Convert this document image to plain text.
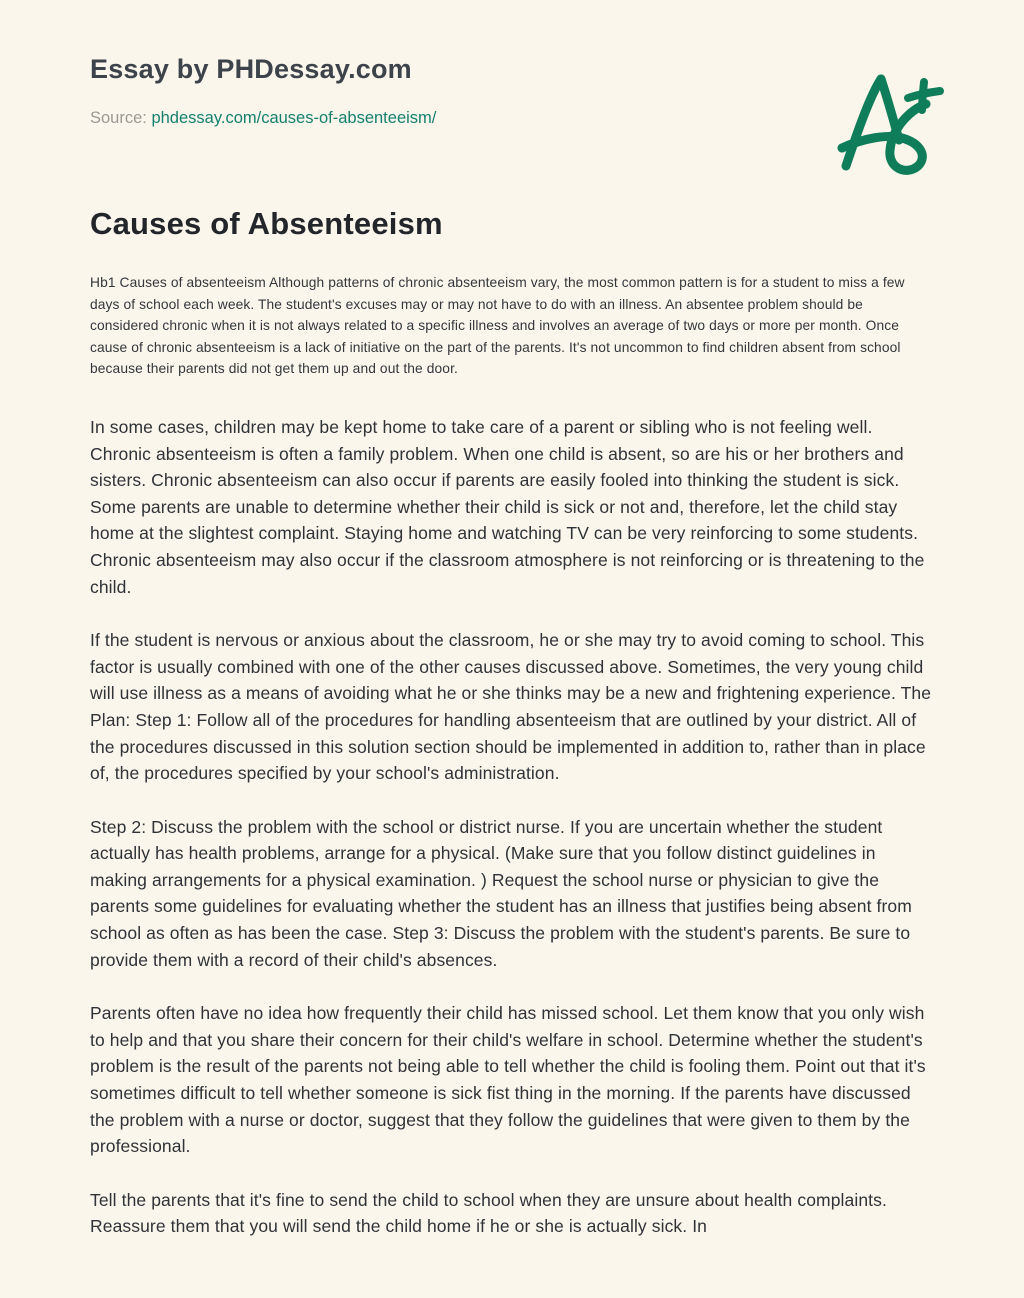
Essay by PHDessay.com
Source: phdessay.com/causes-of-absenteeism/
Causes of Absenteeism

Hb1 Causes of absenteeism Although patterns of chronic absenteeism vary, the most common pattern is for a student to miss a few days of school each week. The student's excuses may or may not have to do with an illness. An absentee problem should be considered chronic when it is not always related to a specific illness and involves an average of two days or more per month. Once cause of chronic absenteeism is a lack of initiative on the part of the parents. It's not uncommon to find children absent from school because their parents did not get them up and out the door.

In some cases, children may be kept home to take care of a parent or sibling who is not feeling well. Chronic absenteeism is often a family problem. When one child is absent, so are his or her brothers and sisters. Chronic absenteeism can also occur if parents are easily fooled into thinking the student is sick. Some parents are unable to determine whether their child is sick or not and, therefore, let the child stay home at the slightest complaint. Staying home and watching TV can be very reinforcing to some students. Chronic absenteeism may also occur if the classroom atmosphere is not reinforcing or is threatening to the child.

If the student is nervous or anxious about the classroom, he or she may try to avoid coming to school. This factor is usually combined with one of the other causes discussed above. Sometimes, the very young child will use illness as a means of avoiding what he or she thinks may be a new and frightening experience. The Plan: Step 1: Follow all of the procedures for handling absenteeism that are outlined by your district. All of the procedures discussed in this solution section should be implemented in addition to, rather than in place of, the procedures specified by your school's administration.

Step 2: Discuss the problem with the school or district nurse. If you are uncertain whether the student actually has health problems, arrange for a physical. (Make sure that you follow distinct guidelines in making arrangements for a physical examination. ) Request the school nurse or physician to give the parents some guidelines for evaluating whether the student has an illness that justifies being absent from school as often as has been the case. Step 3: Discuss the problem with the student's parents. Be sure to provide them with a record of their child's absences.

Parents often have no idea how frequently their child has missed school. Let them know that you only wish to help and that you share their concern for their child's welfare in school. Determine whether the student's problem is the result of the parents not being able to tell whether the child is fooling them. Point out that it's sometimes difficult to tell whether someone is sick fist thing in the morning. If the parents have discussed the problem with a nurse or doctor, suggest that they follow the guidelines that were given to them by the professional.

Tell the parents that it's fine to send the child to school when they are unsure about health complaints. Reassure them that you will send the child home if he or she is actually sick. In
